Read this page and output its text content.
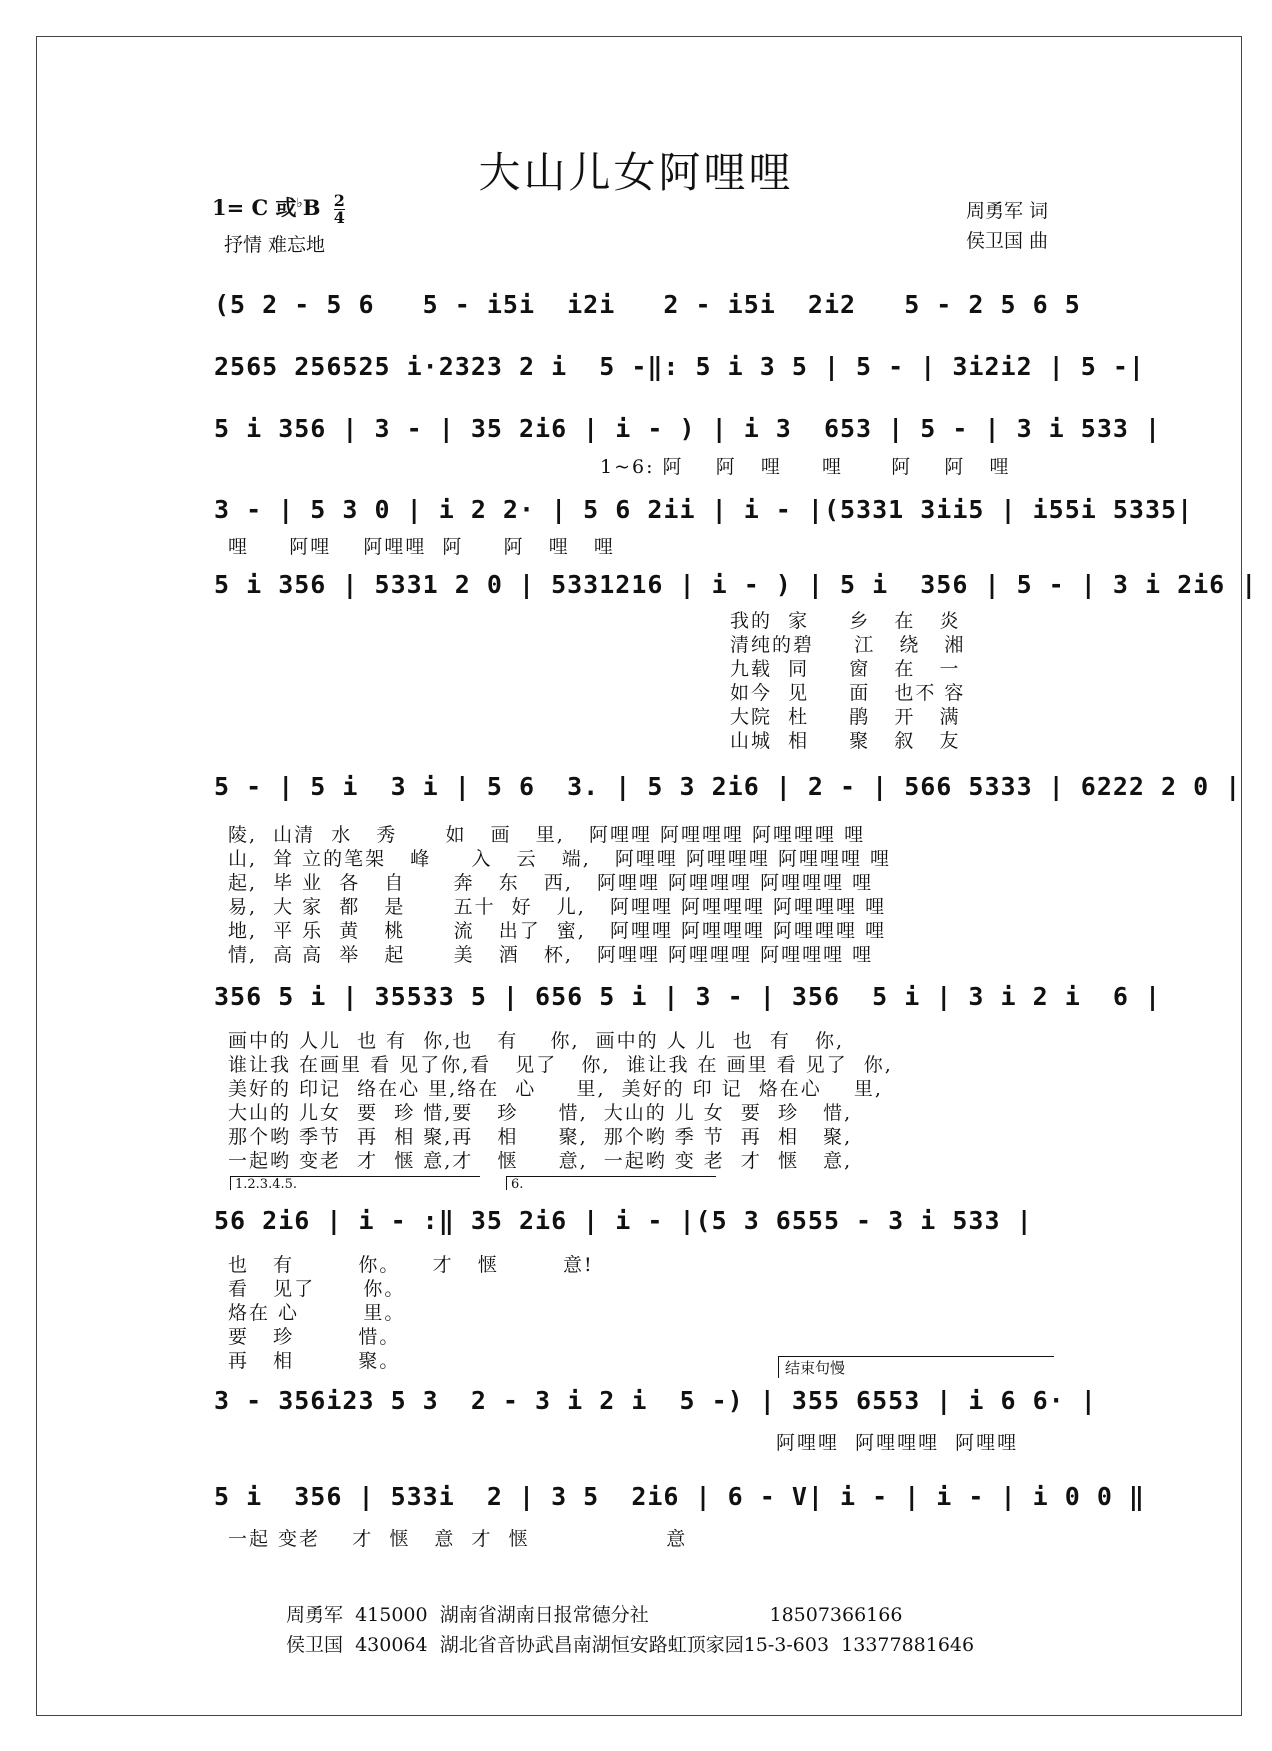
大山儿女阿哩哩
1= C 或$^♭B \frac{2}{4}$
抒情 难忘地
周勇军 词
侯卫国 曲
(5 2 - 5 6   5 - i5i  i2i   2 - i5i  2i2   5 - 2 5 6 5
2565 256525 i·2323 2 i  5 -‖: 5 i 3 5 | 5 - | 3i2i2 | 5 -|
5 i 356 | 3 - | 35 2i6 | i - ) | i 3  653 | 5 - | 3 i 533 |
1~6: 阿    阿   哩     哩      阿    阿   哩
3 - | 5 3 0 | i 2 2· | 5 6 2ii | i - |(5331 3ii5 | i55i 5335|
哩     阿哩    阿哩哩  阿     阿   哩   哩
5 i 356 | 5331 2 0 | 5331216 | i - ) | 5 i  356 | 5 - | 3 i 2i6 |
我的  家     乡   在   炎
清纯的碧     江   绕   湘
九载  同     窗   在   一
如今  见     面   也不 容
大院  杜     鹃   开   满
山城  相     聚   叙   友
5 - | 5 i  3 i | 5 6  3. | 5 3 2i6 | 2 - | 566 5333 | 6222 2 0 |
陵,  山清  水   秀      如   画   里,   阿哩哩 阿哩哩哩 阿哩哩哩 哩
山,  耸 立的笔架   峰     入   云   端,   阿哩哩 阿哩哩哩 阿哩哩哩 哩
起,  毕 业  各   自      奔   东   西,   阿哩哩 阿哩哩哩 阿哩哩哩 哩
易,  大 家  都   是      五十  好   儿,   阿哩哩 阿哩哩哩 阿哩哩哩 哩
地,  平 乐  黄   桃      流   出了  蜜,   阿哩哩 阿哩哩哩 阿哩哩哩 哩
情,  高 高  举   起      美   酒   杯,   阿哩哩 阿哩哩哩 阿哩哩哩 哩
356 5 i | 35533 5 | 656 5 i | 3 - | 356  5 i | 3 i 2 i  6 |
画中的 人儿  也 有  你,也   有    你,  画中的 人 儿  也  有   你,
谁让我 在画里 看 见了你,看   见了   你,  谁让我 在 画里 看 见了  你,
美好的 印记  络在心 里,络在  心     里,  美好的 印 记  烙在心    里,
大山的 儿女  要  珍 惜,要   珍     惜,  大山的 儿 女  要  珍   惜,
那个哟 季节  再  相 聚,再   相     聚,  那个哟 季 节  再  相   聚,
一起哟 变老  才  惬 意,才   惬     意,  一起哟 变 老  才  惬   意,
1.2.3.4.5.	6.
56 2i6 | i - :‖ 35 2i6 | i - |(5 3 6555 - 3 i 533 |
也   有        你。    才   惬        意!
看   见了      你。
烙在 心        里。
要   珍        惜。
再   相        聚。	结束句慢
3 - 356i23 5 3  2 - 3 i 2 i  5 -) | 355 6553 | i 6 6· |
阿哩哩  阿哩哩哩  阿哩哩
5 i  356 | 533i  2 | 3 5  2i6 | 6 - V| i - | i - | i 0 0 ‖
一起 变老    才  惬   意  才  惬                 意
周勇军  415000  湖南省湖南日报常德分社                    18507366166
侯卫国  430064  湖北省音协武昌南湖恒安路虹顶家园15-3-603  13377881646
